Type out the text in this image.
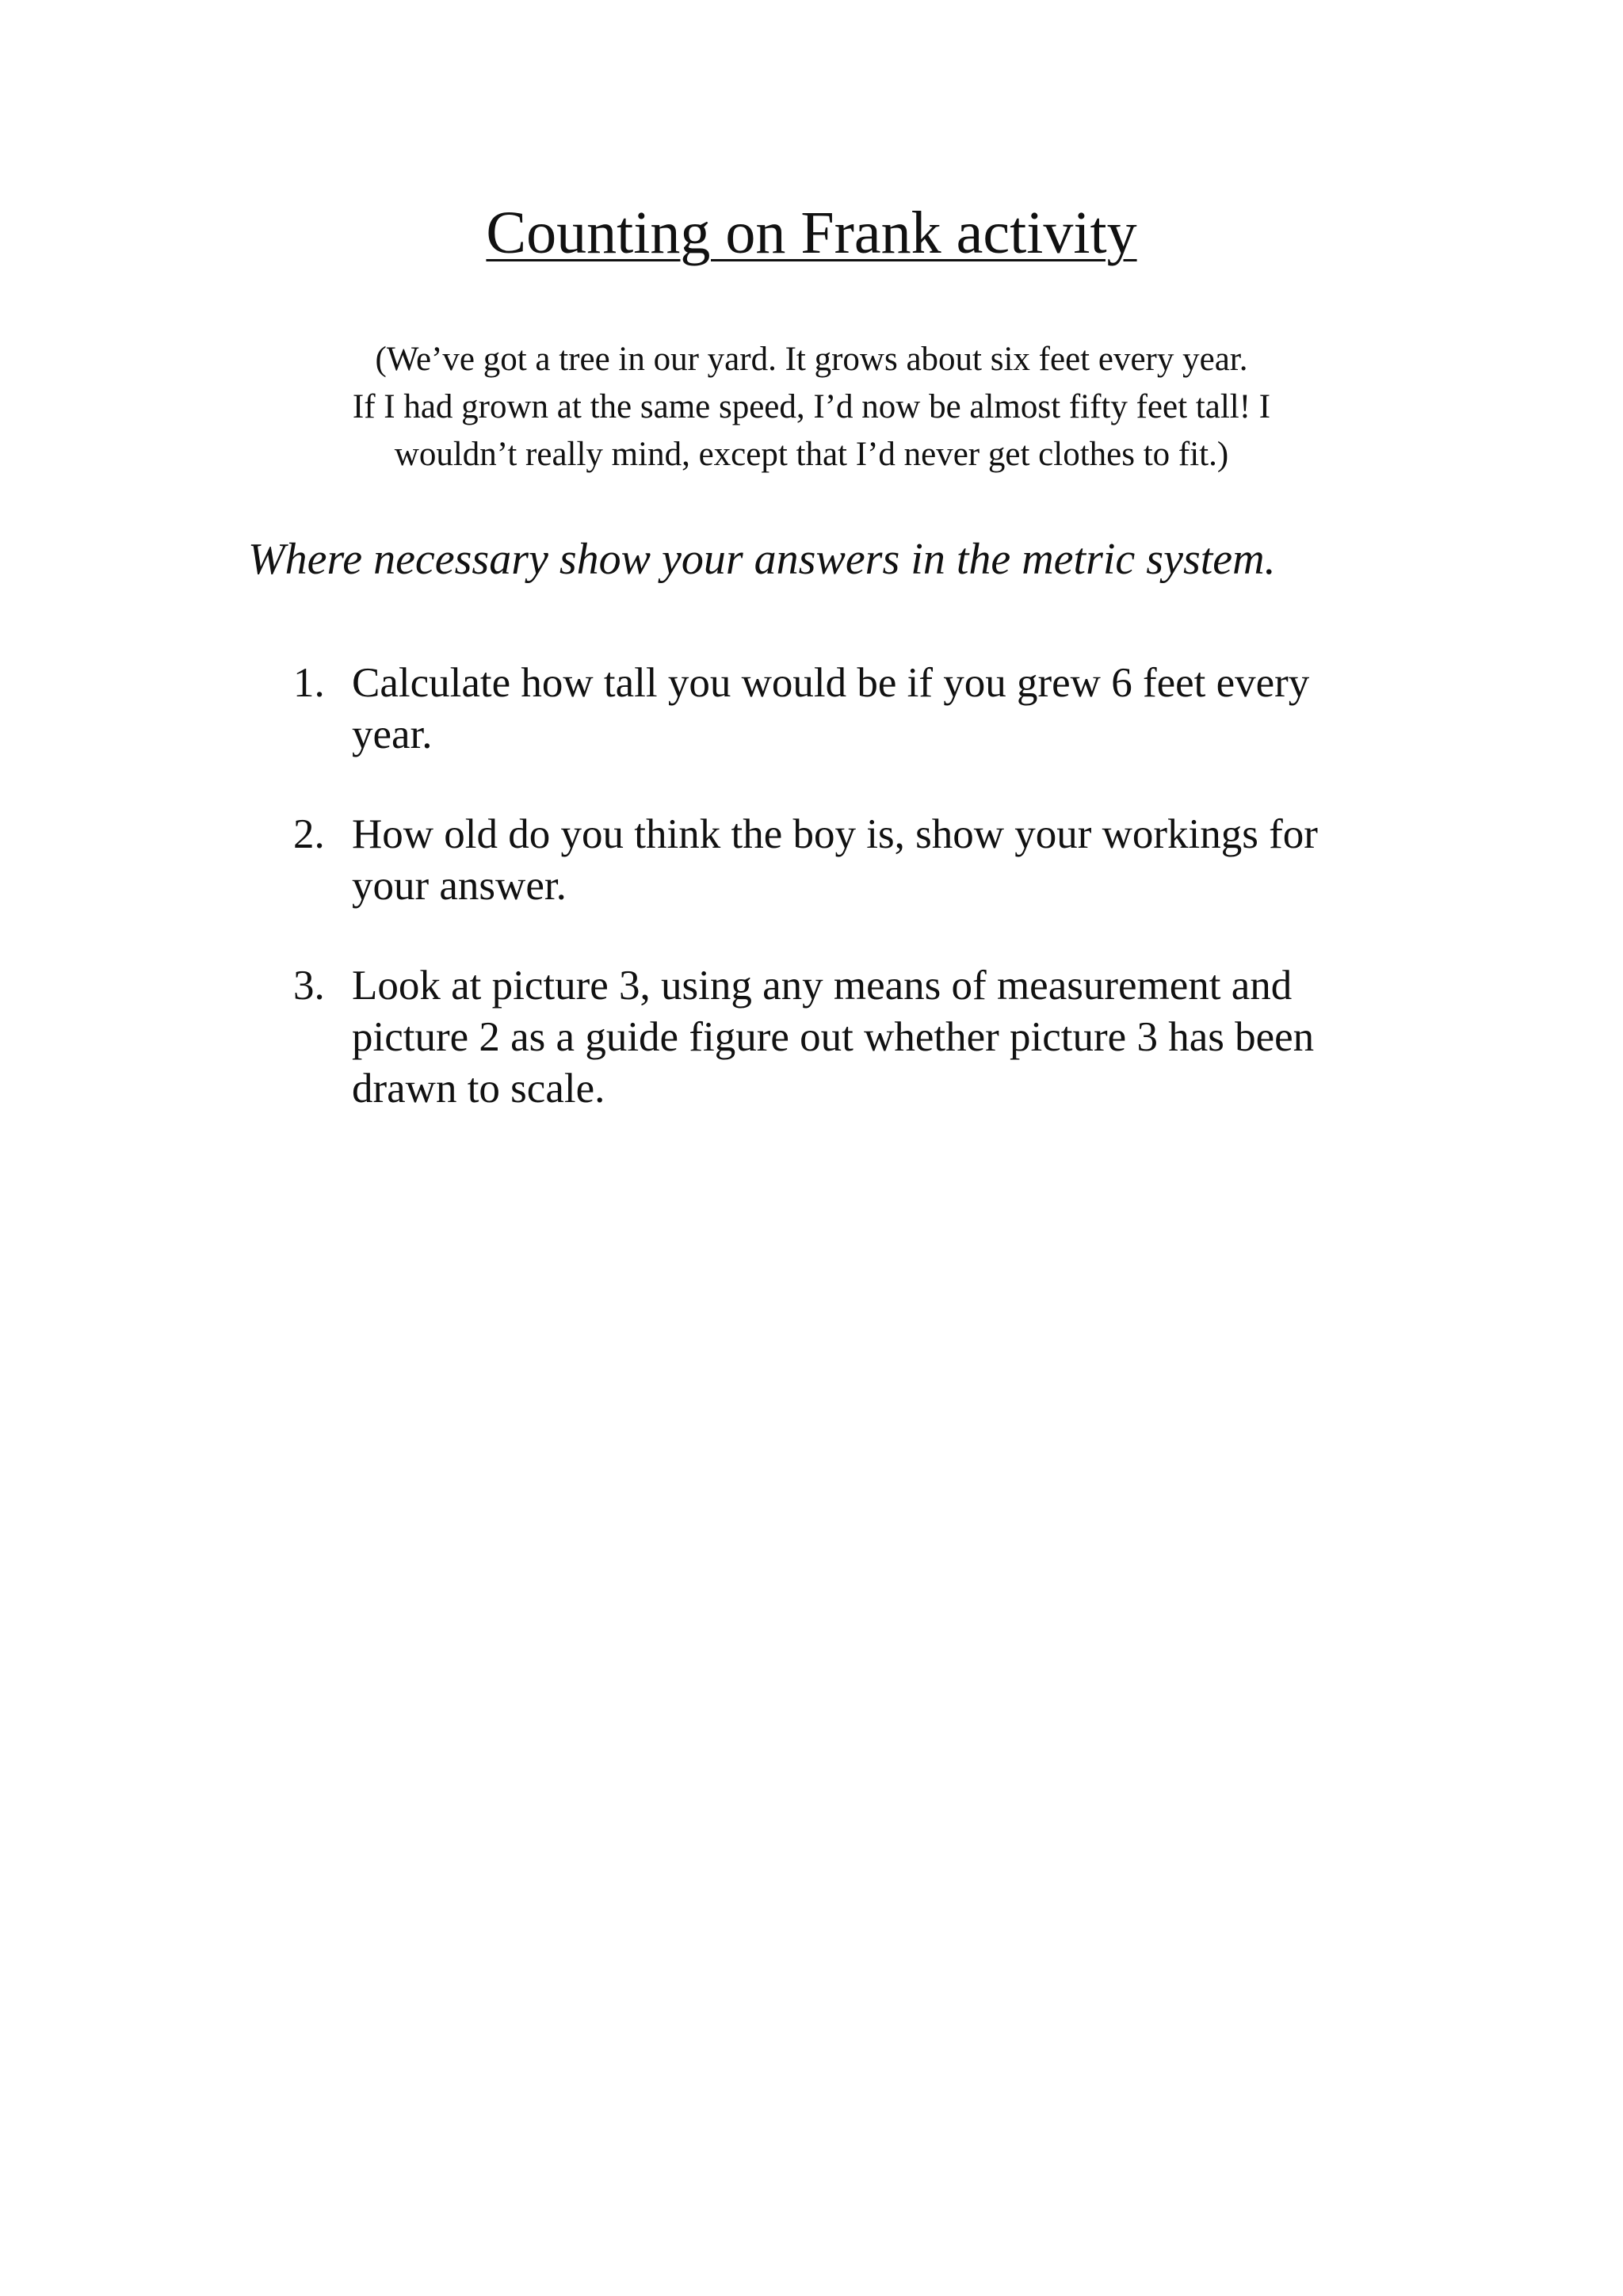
Counting on Frank activity

(We’ve got a tree in our yard. It grows about six feet every year.
If I had grown at the same speed, I’d now be almost fifty feet tall! I
wouldn’t really mind, except that I’d never get clothes to fit.)

Where necessary show your answers in the metric system.

1. Calculate how tall you would be if you grew 6 feet every
year.
2. How old do you think the boy is, show your workings for
your answer.
3. Look at picture 3, using any means of measurement and
picture 2 as a guide figure out whether picture 3 has been
drawn to scale.
